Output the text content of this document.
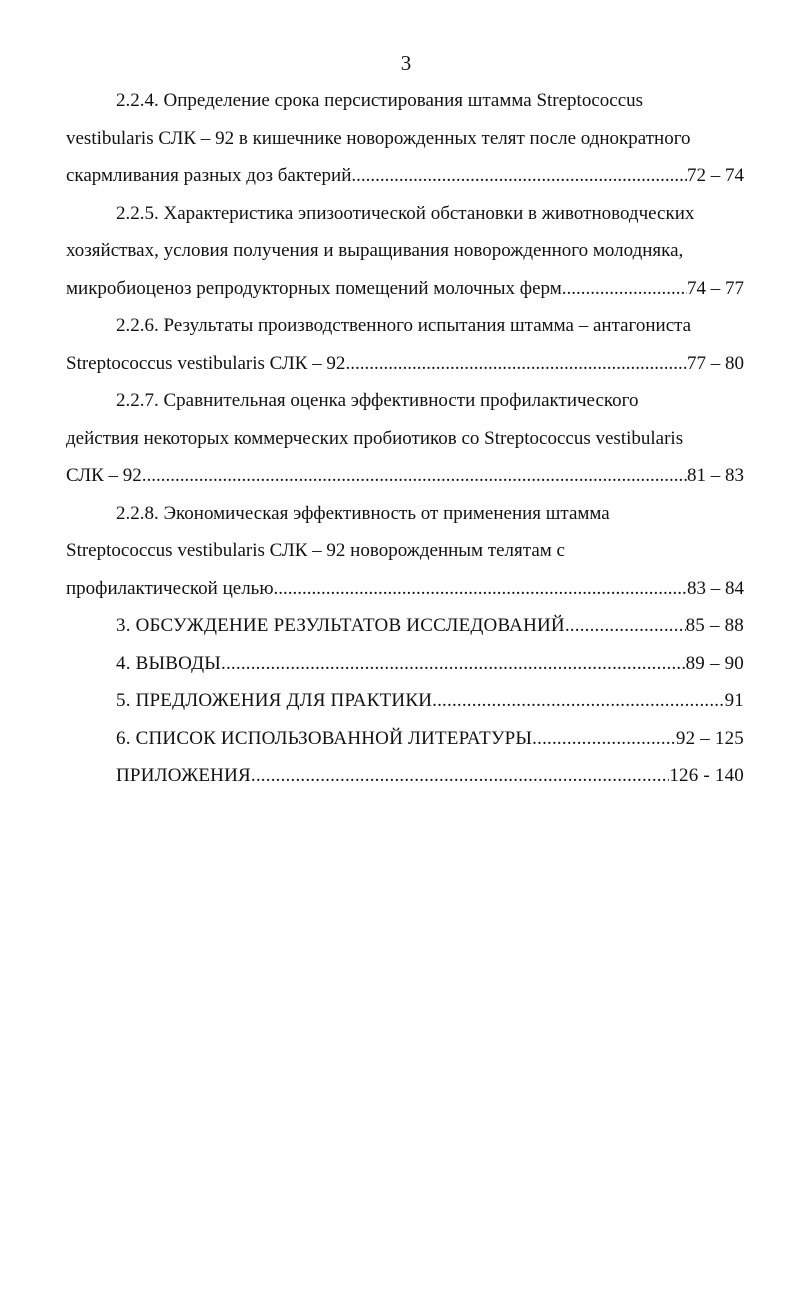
3
2.2.4. Определение срока персистирования штамма Streptococcus
vestibularis СЛК – 92 в кишечнике новорожденных телят после однократного
скармливания разных доз бактерий .....	72 – 74
2.2.5. Характеристика эпизоотической обстановки в животноводческих
хозяйствах, условия получения и выращивания новорожденного молодняка,
микробиоценоз репродукторных помещений молочных ферм .....	74 – 77
2.2.6. Результаты производственного испытания штамма – антагониста
Streptococcus vestibularis СЛК – 92 .....	77 – 80
2.2.7. Сравнительная оценка эффективности профилактического
действия некоторых коммерческих пробиотиков со Streptococcus vestibularis
СЛК – 92 .....	81 – 83
2.2.8. Экономическая эффективность от применения штамма
Streptococcus vestibularis СЛК – 92 новорожденным телятам с
профилактической целью .....	83 – 84
3. ОБСУЖДЕНИЕ РЕЗУЛЬТАТОВ ИССЛЕДОВАНИЙ .....	85 – 88
4. ВЫВОДЫ .....	89 – 90
5. ПРЕДЛОЖЕНИЯ ДЛЯ ПРАКТИКИ .....	91
6. СПИСОК ИСПОЛЬЗОВАННОЙ ЛИТЕРАТУРЫ .....	92 – 125
ПРИЛОЖЕНИЯ .....	126 - 140
